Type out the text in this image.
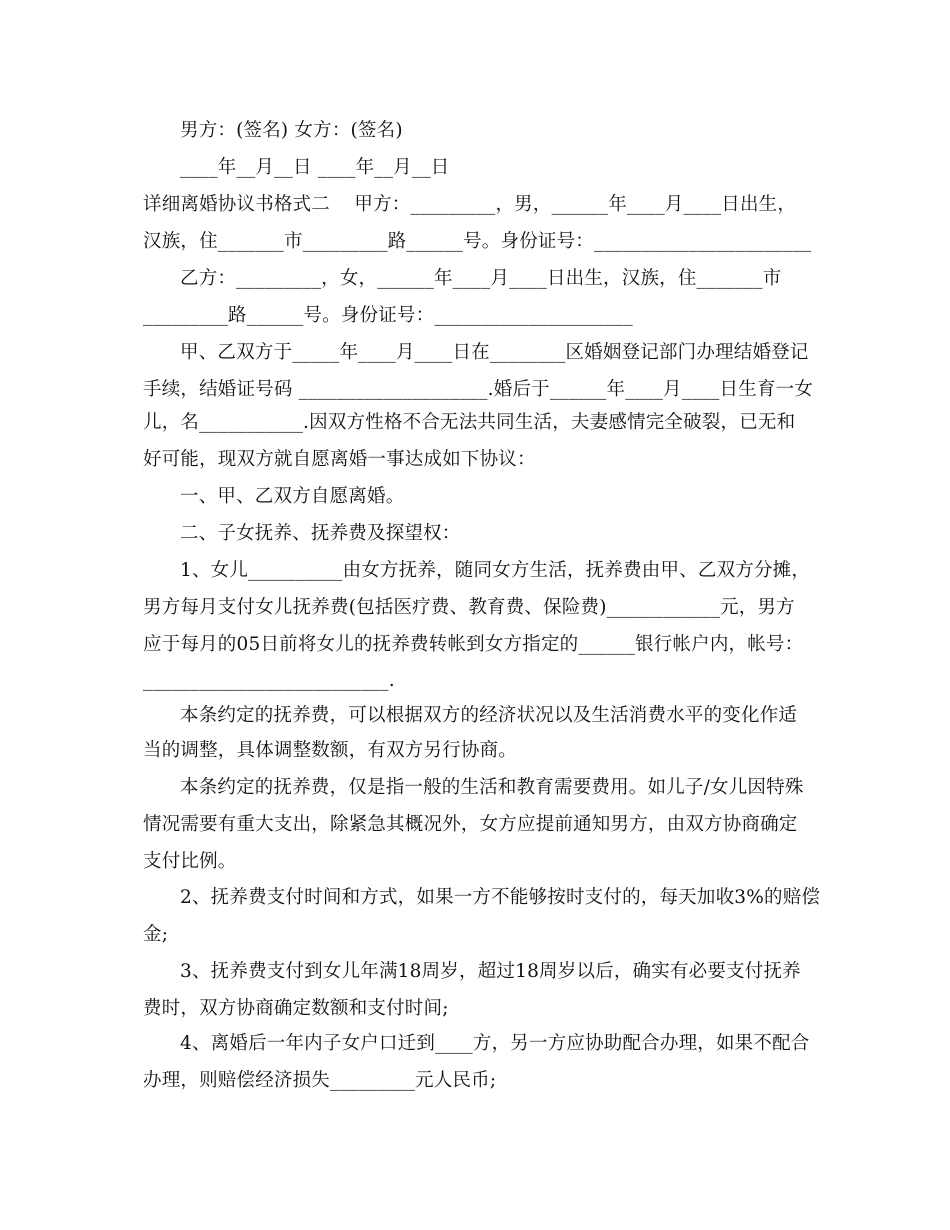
男方：(签名) 女方：(签名)
____年__月__日 ____年__月__日
详细离婚协议书格式二    甲方：_________，男，______年____月____日出生，
汉族，住_______市_________路______号。身份证号：_______________________
乙方：_________，女，______年____月____日出生，汉族，住_______市
_________路______号。身份证号：_____________________
甲、乙双方于_____年____月____日在________区婚姻登记部门办理结婚登记
手续，结婚证号码 ____________________.婚后于______年____月____日生育一女
儿，名___________.因双方性格不合无法共同生活，夫妻感情完全破裂，已无和
好可能，现双方就自愿离婚一事达成如下协议：
一、甲、乙双方自愿离婚。
二、子女抚养、抚养费及探望权：
1、女儿__________由女方抚养，随同女方生活，抚养费由甲、乙双方分摊，
男方每月支付女儿抚养费(包括医疗费、教育费、保险费)____________元，男方
应于每月的05日前将女儿的抚养费转帐到女方指定的______银行帐户内，帐号：
__________________________.
本条约定的抚养费，可以根据双方的经济状况以及生活消费水平的变化作适
当的调整，具体调整数额，有双方另行协商。
本条约定的抚养费，仅是指一般的生活和教育需要费用。如儿子/女儿因特殊
情况需要有重大支出，除紧急其概况外，女方应提前通知男方，由双方协商确定
支付比例。
2、抚养费支付时间和方式，如果一方不能够按时支付的，每天加收3%的赔偿
金;
3、抚养费支付到女儿年满18周岁，超过18周岁以后，确实有必要支付抚养
费时，双方协商确定数额和支付时间;
4、离婚后一年内子女户口迁到____方，另一方应协助配合办理，如果不配合
办理，则赔偿经济损失_________元人民币;
